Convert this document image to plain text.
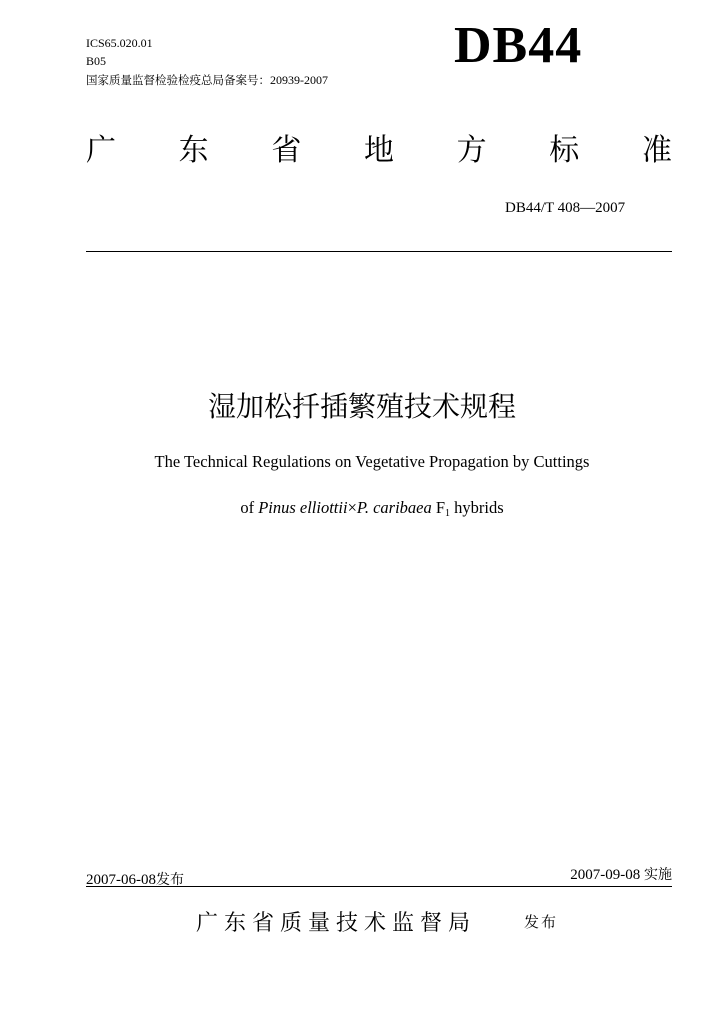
ICS65.020.01
B05
国家质量监督检验检疫总局备案号：20939-2007
DB44
广 东 省 地 方 标 准
DB44/T 408—2007
湿加松扦插繁殖技术规程
The Technical Regulations on Vegetative Propagation by Cuttings
of Pinus elliottii×P. caribaea $F_1$ hybrids
2007-06-08发布	2007-09-08 实施
广东省质量技术监督局	发布
